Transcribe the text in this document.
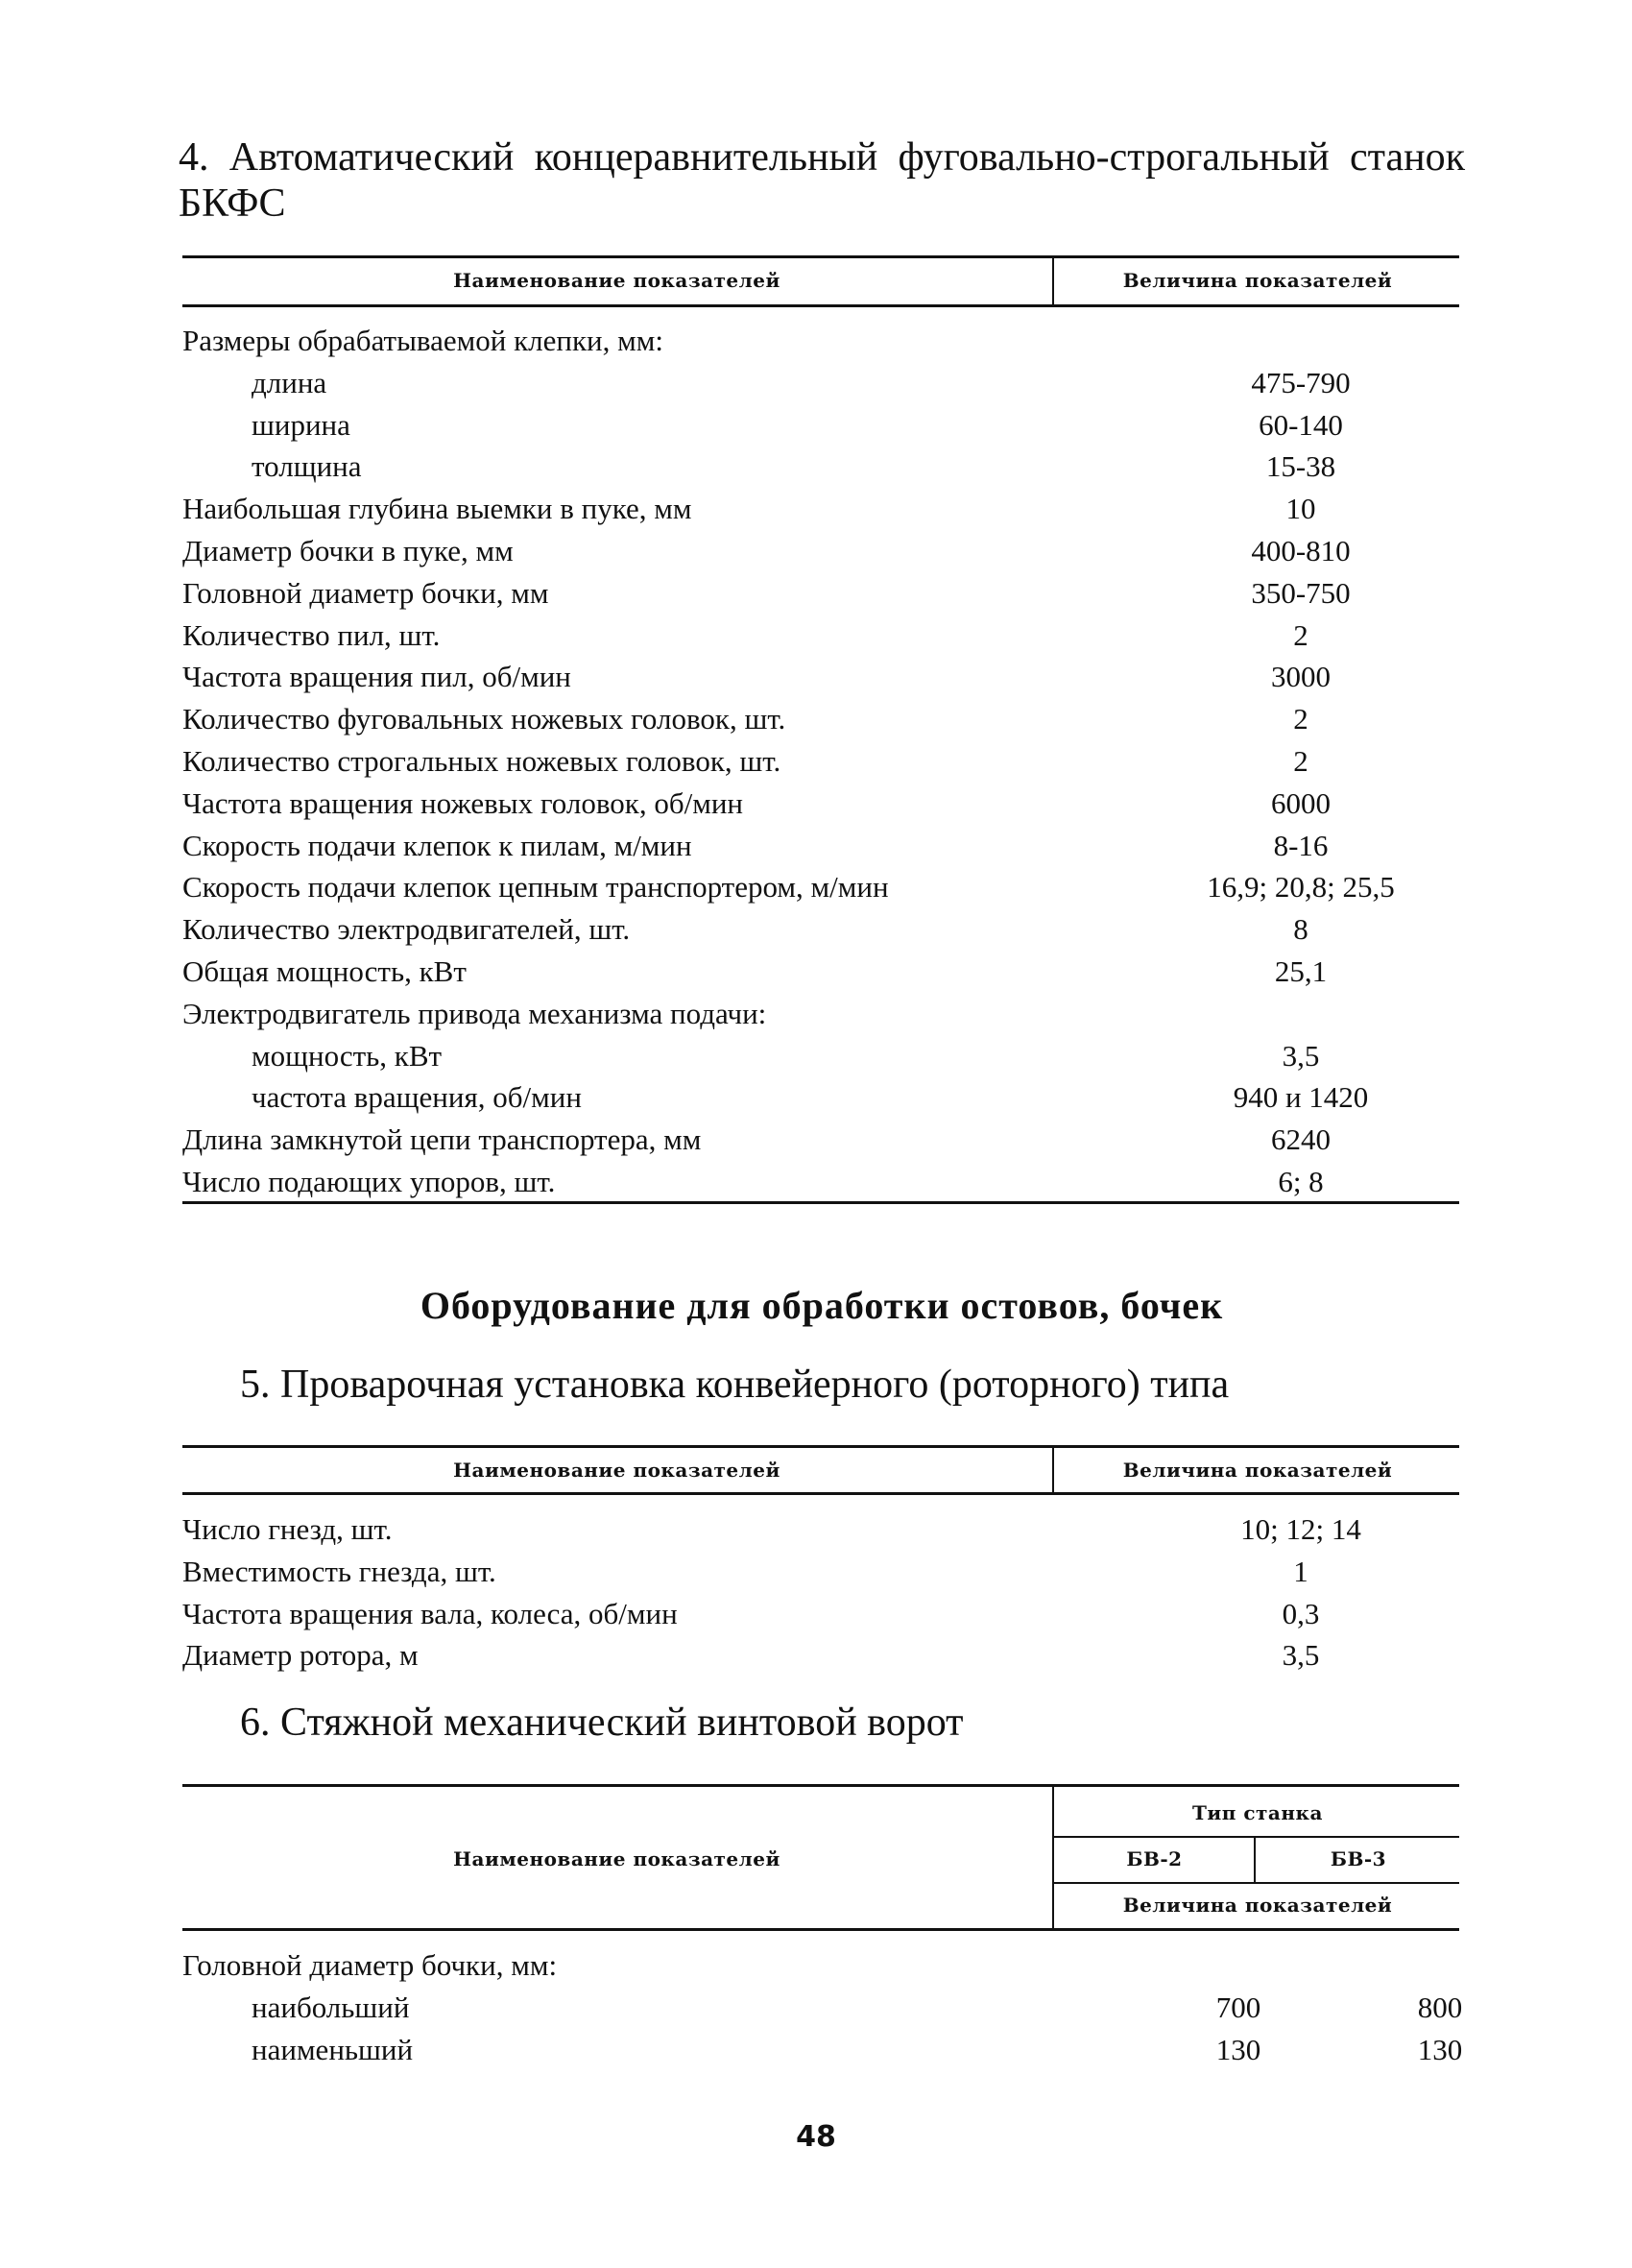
4. Автоматический концеравнительный фуговально-строгальный станок БКФС
Наименование показателей	Величина показателей
Размеры обрабатываемой клепки, мм:
длина	475-790
ширина	60-140
толщина	15-38
Наибольшая глубина выемки в пуке, мм	10
Диаметр бочки в пуке, мм	400-810
Головной диаметр бочки, мм	350-750
Количество пил, шт.	2
Частота вращения пил, об/мин	3000
Количество фуговальных ножевых головок, шт.	2
Количество строгальных ножевых головок, шт.	2
Частота вращения ножевых головок, об/мин	6000
Скорость подачи клепок к пилам, м/мин	8-16
Скорость подачи клепок цепным транспортером, м/мин	16,9; 20,8; 25,5
Количество электродвигателей, шт.	8
Общая мощность, кВт	25,1
Электродвигатель привода механизма подачи:
мощность, кВт	3,5
частота вращения, об/мин	940 и 1420
Длина замкнутой цепи транспортера, мм	6240
Число подающих упоров, шт.	6; 8
Оборудование для обработки остовов, бочек
5. Проварочная установка конвейерного (роторного) типа
Наименование показателей	Величина показателей
Число гнезд, шт.	10; 12; 14
Вместимость гнезда, шт.	1
Частота вращения вала, колеса, об/мин	0,3
Диаметр ротора, м	3,5
6. Стяжной механический винтовой ворот
Наименование показателей
Тип станка
БВ-2	БВ-3
Величина показателей
Головной диаметр бочки, мм:
наибольший	700	800
наименьший	130	130
48
